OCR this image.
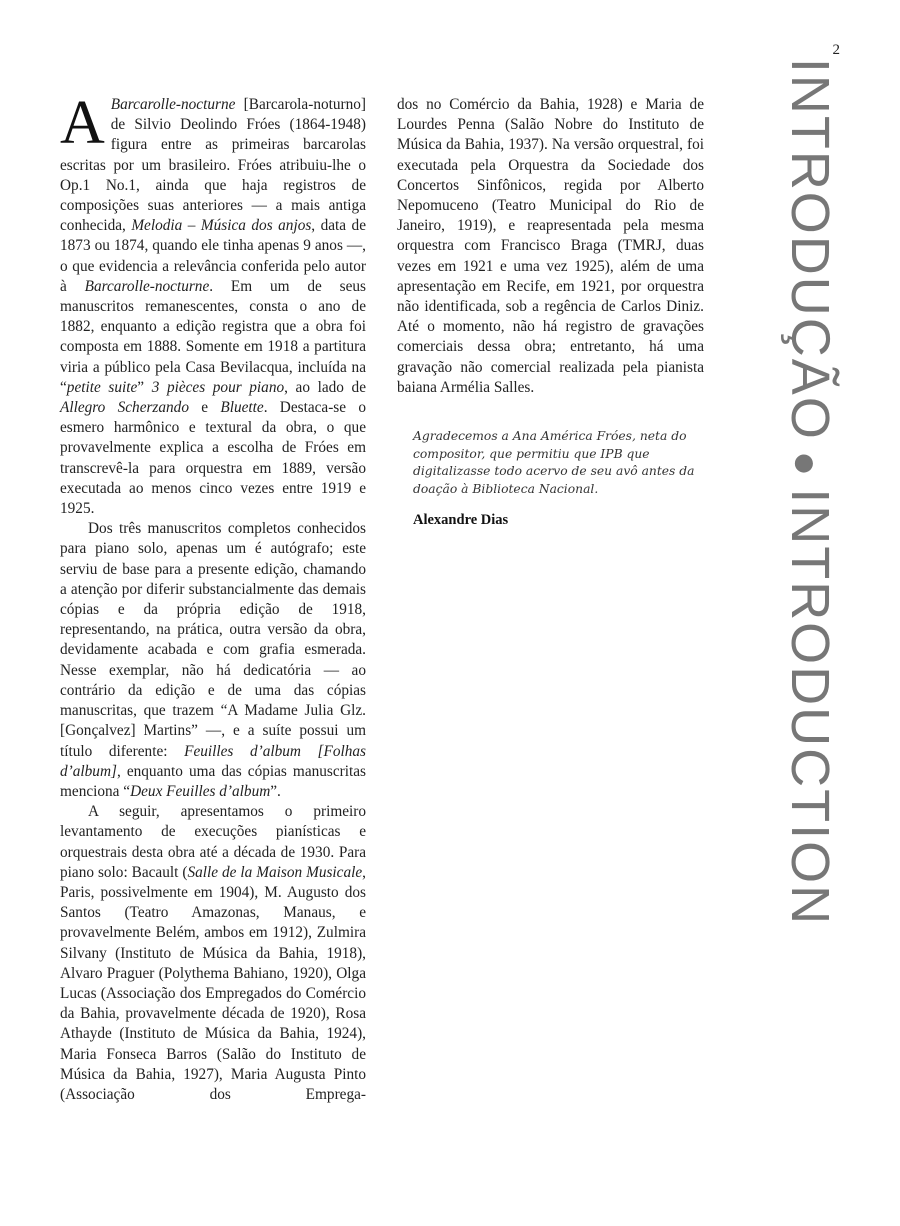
2
INTRODUÇÃO●INTRODUCTION

A Barcarolle-nocturne [Barcarola-noturno] de Silvio Deolindo Fróes (1864-1948) figura entre as primeiras barcarolas escritas por um brasileiro. Fróes atribuiu-lhe o Op.1 No.1, ainda que haja registros de composições suas anteriores — a mais antiga conhecida, Melodia – Música dos anjos, data de 1873 ou 1874, quando ele tinha apenas 9 anos —, o que evidencia a relevância conferida pelo autor à Barcarolle-nocturne. Em um de seus manuscritos remanescentes, consta o ano de 1882, enquanto a edição registra que a obra foi composta em 1888. Somente em 1918 a partitura viria a público pela Casa Bevilacqua, incluída na “petite suite” 3 pièces pour piano, ao lado de Allegro Scherzando e Bluette. Destaca-se o esmero harmônico e textural da obra, o que provavelmente explica a escolha de Fróes em transcrevê-la para orquestra em 1889, versão executada ao menos cinco vezes entre 1919 e 1925.

Dos três manuscritos completos conhecidos para piano solo, apenas um é autógrafo; este serviu de base para a presente edição, chamando a atenção por diferir substancialmente das demais cópias e da própria edição de 1918, representando, na prática, outra versão da obra, devidamente acabada e com grafia esmerada. Nesse exemplar, não há dedicatória — ao contrário da edição e de uma das cópias manuscritas, que trazem “A Madame Julia Glz. [Gonçalvez] Martins” —, e a suíte possui um título diferente: Feuilles d’album [Folhas d’album], enquanto uma das cópias manuscritas menciona “Deux Feuilles d’album”.

A seguir, apresentamos o primeiro levantamento de execuções pianísticas e orquestrais desta obra até a década de 1930. Para piano solo: Bacault (Salle de la Maison Musicale, Paris, possivelmente em 1904), M. Augusto dos Santos (Teatro Amazonas, Manaus, e provavelmente Belém, ambos em 1912), Zulmira Silvany (Instituto de Música da Bahia, 1918), Alvaro Praguer (Polythema Bahiano, 1920), Olga Lucas (Associação dos Empregados do Comércio da Bahia, provavelmente década de 1920), Rosa Athayde (Instituto de Música da Bahia, 1924), Maria Fonseca Barros (Salão do Instituto de Música da Bahia, 1927), Maria Augusta Pinto (Associação dos Emprega-

dos no Comércio da Bahia, 1928) e Maria de Lourdes Penna (Salão Nobre do Instituto de Música da Bahia, 1937). Na versão orquestral, foi executada pela Orquestra da Sociedade dos Concertos Sinfônicos, regida por Alberto Nepomuceno (Teatro Municipal do Rio de Janeiro, 1919), e reapresentada pela mesma orquestra com Francisco Braga (TMRJ, duas vezes em 1921 e uma vez 1925), além de uma apresentação em Recife, em 1921, por orquestra não identificada, sob a regência de Carlos Diniz. Até o momento, não há registro de gravações comerciais dessa obra; entretanto, há uma gravação não comercial realizada pela pianista baiana Armélia Salles.

Agradecemos a Ana América Fróes, neta do compositor, que permitiu que IPB que digitalizasse todo acervo de seu avô antes da doação à Biblioteca Nacional.

Alexandre Dias
